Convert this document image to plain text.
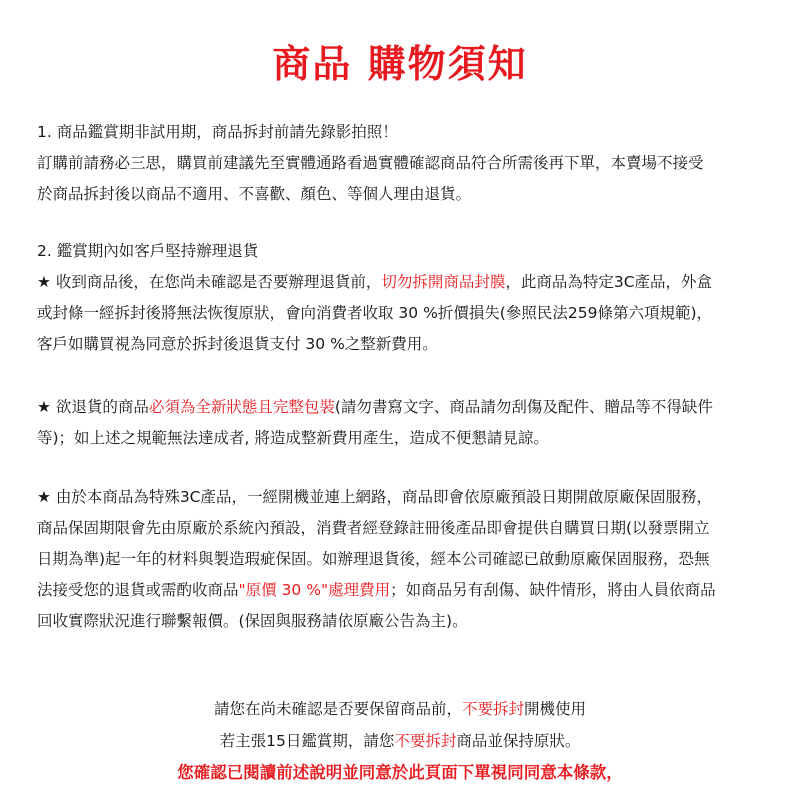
商品 購物須知
1. 商品鑑賞期非試用期，商品拆封前請先錄影拍照！
訂購前請務必三思，購買前建議先至實體通路看過實體確認商品符合所需後再下單，本賣場不接受
於商品拆封後以商品不適用、不喜歡、顏色、等個人理由退貨。
2. 鑑賞期內如客戶堅持辦理退貨
★ 收到商品後，在您尚未確認是否要辦理退貨前，切勿拆開商品封膜，此商品為特定3C產品，外盒
或封條一經拆封後將無法恢復原狀，會向消費者收取 30 %折價損失(參照民法259條第六項規範)，
客戶如購買視為同意於拆封後退貨支付 30 %之整新費用。
★ 欲退貨的商品必須為全新狀態且完整包裝(請勿書寫文字、商品請勿刮傷及配件、贈品等不得缺件
等)；如上述之規範無法達成者, 將造成整新費用產生，造成不便懇請見諒。
★ 由於本商品為特殊3C產品，一經開機並連上網路，商品即會依原廠預設日期開啟原廠保固服務，
商品保固期限會先由原廠於系統內預設，消費者經登錄註冊後產品即會提供自購買日期(以發票開立
日期為準)起一年的材料與製造瑕疵保固。如辦理退貨後，經本公司確認已啟動原廠保固服務，恐無
法接受您的退貨或需酌收商品"原價 30 %"處理費用；如商品另有刮傷、缺件情形，將由人員依商品
回收實際狀況進行聯繫報價。(保固與服務請依原廠公告為主)。
請您在尚未確認是否要保留商品前，不要拆封開機使用
若主張15日鑑賞期，請您不要拆封商品並保持原狀。
您確認已閱讀前述說明並同意於此頁面下單視同同意本條款，
